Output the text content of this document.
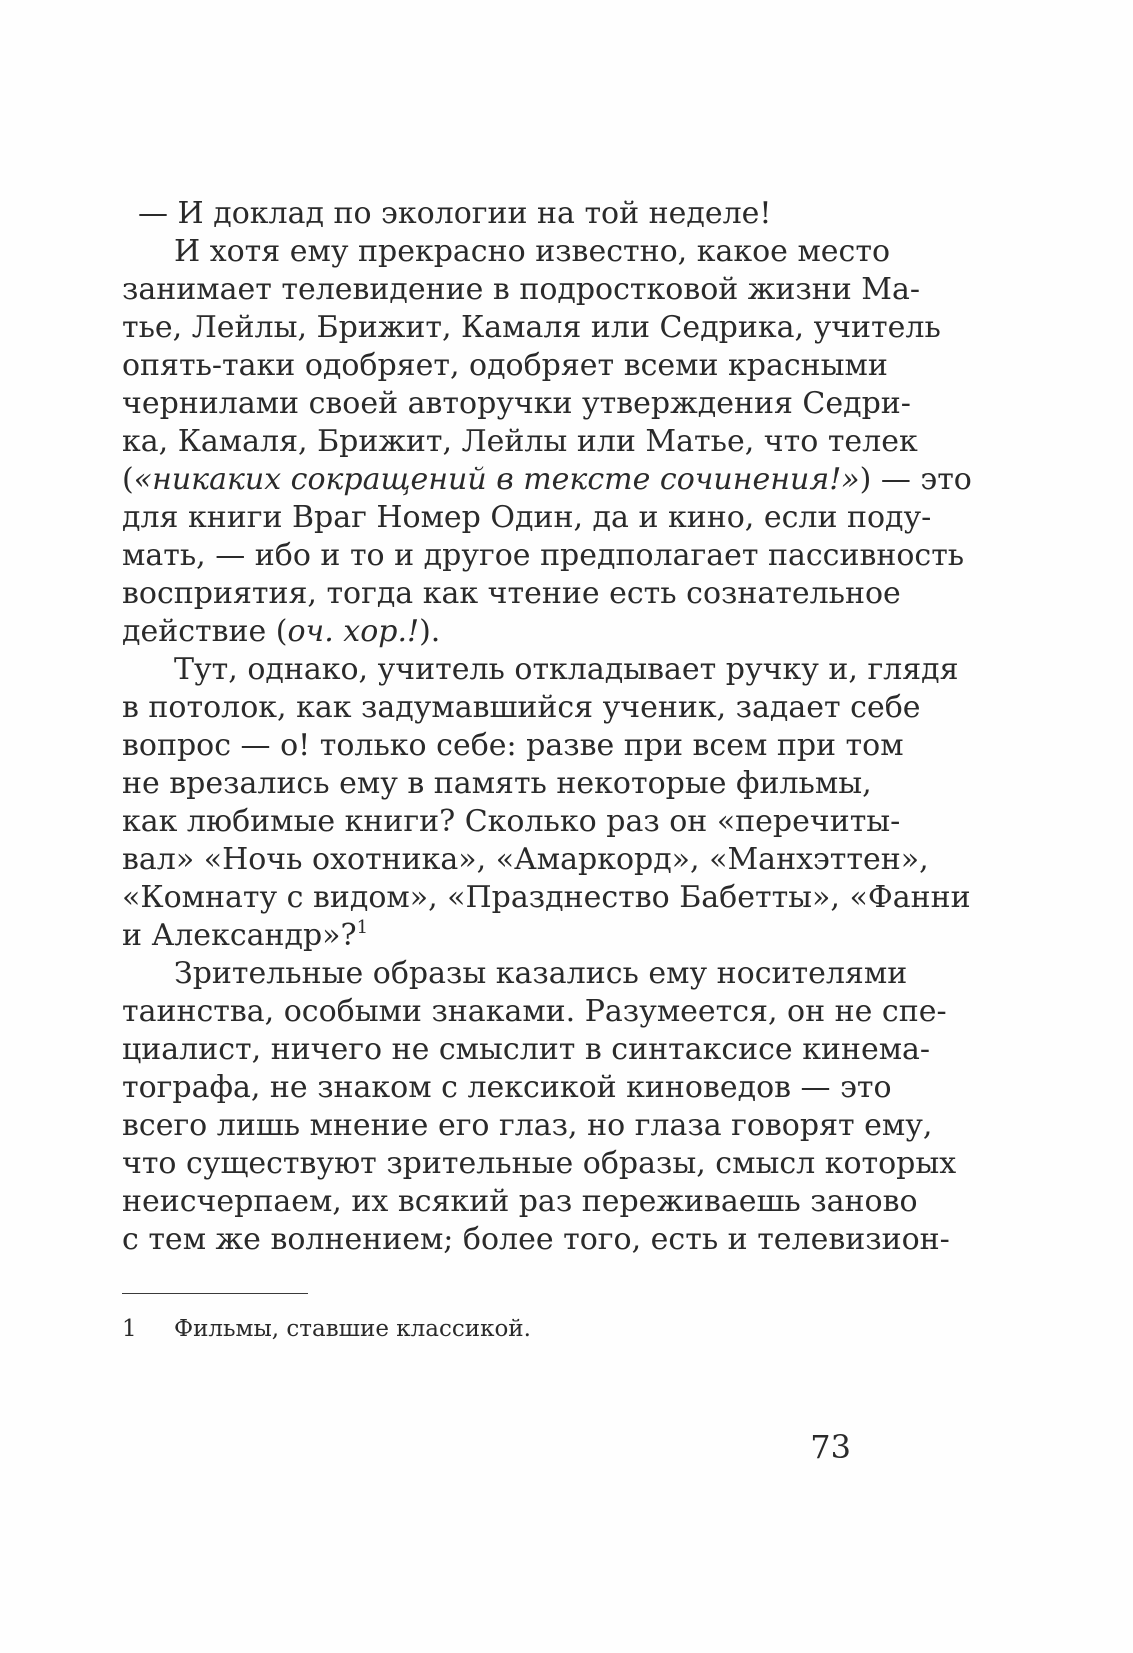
— И доклад по экологии на той неделе!
И хотя ему прекрасно известно, какое место
занимает телевидение в подростковой жизни Ма-
тье, Лейлы, Брижит, Камаля или Седрика, учитель
опять-таки одобряет, одобряет всеми красными
чернилами своей авторучки утверждения Седри-
ка, Камаля, Брижит, Лейлы или Матье, что телек
(«никаких сокращений в тексте сочинения!») — это
для книги Враг Номер Один, да и кино, если поду-
мать, — ибо и то и другое предполагает пассивность
восприятия, тогда как чтение есть сознательное
действие (оч. хор.!).
Тут, однако, учитель откладывает ручку и, глядя
в потолок, как задумавшийся ученик, задает себе
вопрос — о! только себе: разве при всем при том
не врезались ему в память некоторые фильмы,
как любимые книги? Сколько раз он «перечиты-
вал» «Ночь охотника», «Амаркорд», «Манхэттен»,
«Комнату с видом», «Празднество Бабетты», «Фанни
и Александр»?$^1$
Зрительные образы казались ему носителями
таинства, особыми знаками. Разумеется, он не спе-
циалист, ничего не смыслит в синтаксисе кинема-
тографа, не знаком с лексикой киноведов — это
всего лишь мнение его глаз, но глаза говорят ему,
что существуют зрительные образы, смысл которых
неисчерпаем, их всякий раз переживаешь заново
с тем же волнением; более того, есть и телевизион-
1 Фильмы, ставшие классикой.
73
